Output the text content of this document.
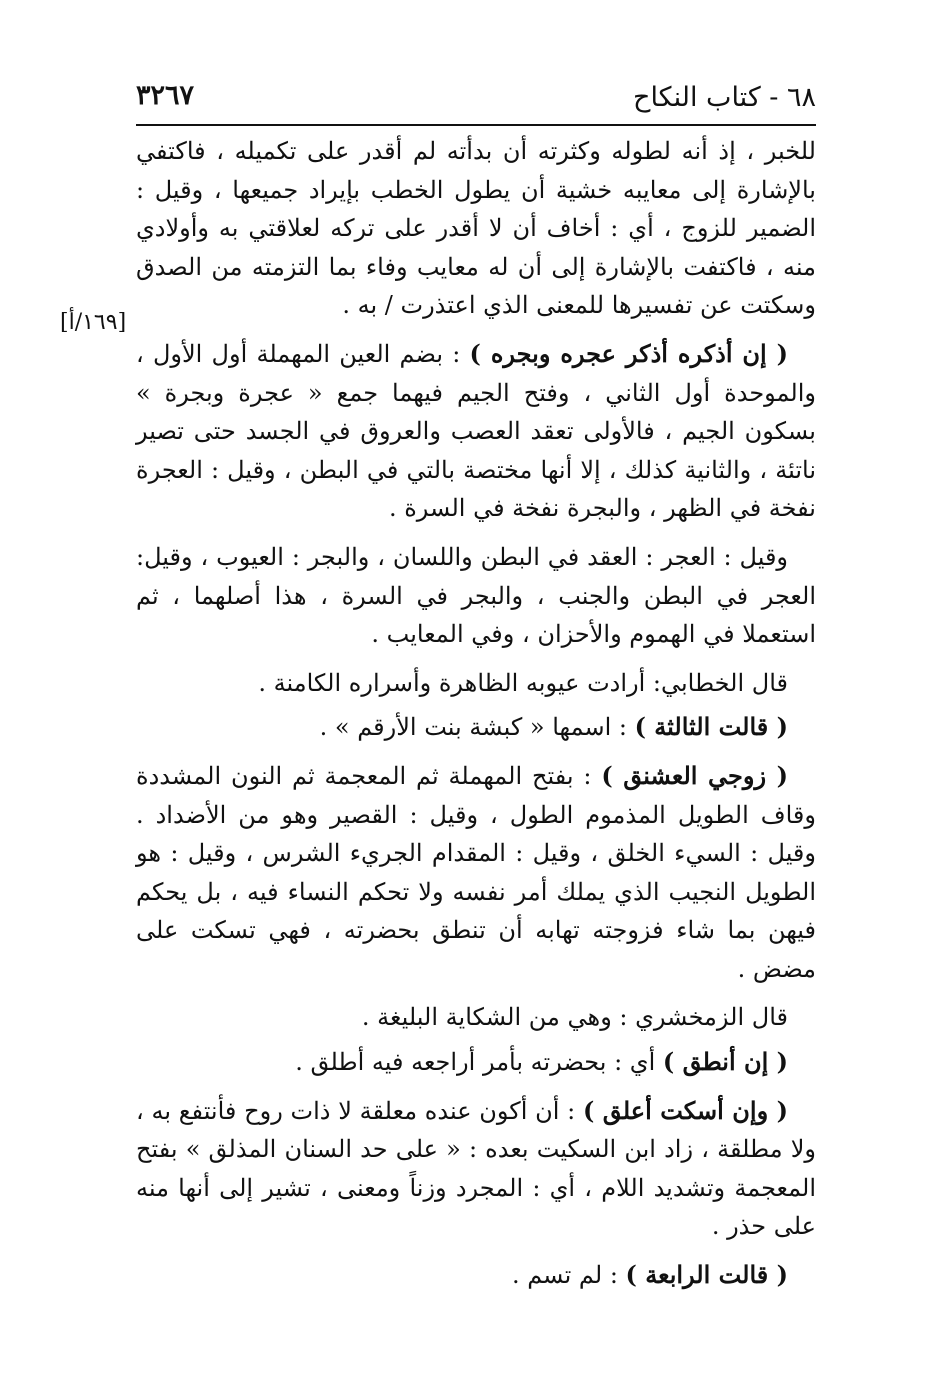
٦٨ - كتاب النكاح
٣٢٦٧
[١٦٩/أ]

للخبر ، إذ أنه لطوله وكثرته أن بدأته لم أقدر على تكميله ، فاكتفي بالإشارة إلى معايبه خشية أن يطول الخطب بإيراد جميعها ، وقيل : الضمير للزوج ، أي : أخاف أن لا أقدر على تركه لعلاقتي به وأولادي منه ، فاكتفت بالإشارة إلى أن له معايب وفاء بما التزمته من الصدق وسكتت عن تفسيرها للمعنى الذي اعتذرت / به .

( إن أذكره أذكر عجره وبجره ) : بضم العين المهملة أول الأول ، والموحدة أول الثاني ، وفتح الجيم فيهما جمع « عجرة وبجرة » بسكون الجيم ، فالأولى تعقد العصب والعروق في الجسد حتى تصير ناتئة ، والثانية كذلك ، إلا أنها مختصة بالتي في البطن ، وقيل : العجرة نفخة في الظهر ، والبجرة نفخة في السرة .

وقيل : العجر : العقد في البطن واللسان ، والبجر : العيوب ، وقيل: العجر في البطن والجنب ، والبجر في السرة ، هذا أصلهما ، ثم استعملا في الهموم والأحزان ، وفي المعايب .

قال الخطابي: أرادت عيوبه الظاهرة وأسراره الكامنة .

( قالت الثالثة ) : اسمها « كبشة بنت الأرقم » .

( زوجي العشنق ) : بفتح المهملة ثم المعجمة ثم النون المشددة وقاف الطويل المذموم الطول ، وقيل : القصير وهو من الأضداد . وقيل : السيء الخلق ، وقيل : المقدام الجريء الشرس ، وقيل : هو الطويل النجيب الذي يملك أمر نفسه ولا تحكم النساء فيه ، بل يحكم فيهن بما شاء فزوجته تهابه أن تنطق بحضرته ، فهي تسكت على مضض .

قال الزمخشري : وهي من الشكاية البليغة .

( إن أنطق ) أي : بحضرته بأمر أراجعه فيه أطلق .

( وإن أسكت أعلق ) : أن أكون عنده معلقة لا ذات روح فأنتفع به ، ولا مطلقة ، زاد ابن السكيت بعده : « على حد السنان المذلق » بفتح المعجمة وتشديد اللام ، أي : المجرد وزناً ومعنى ، تشير إلى أنها منه على حذر .

( قالت الرابعة ) : لم تسم .
